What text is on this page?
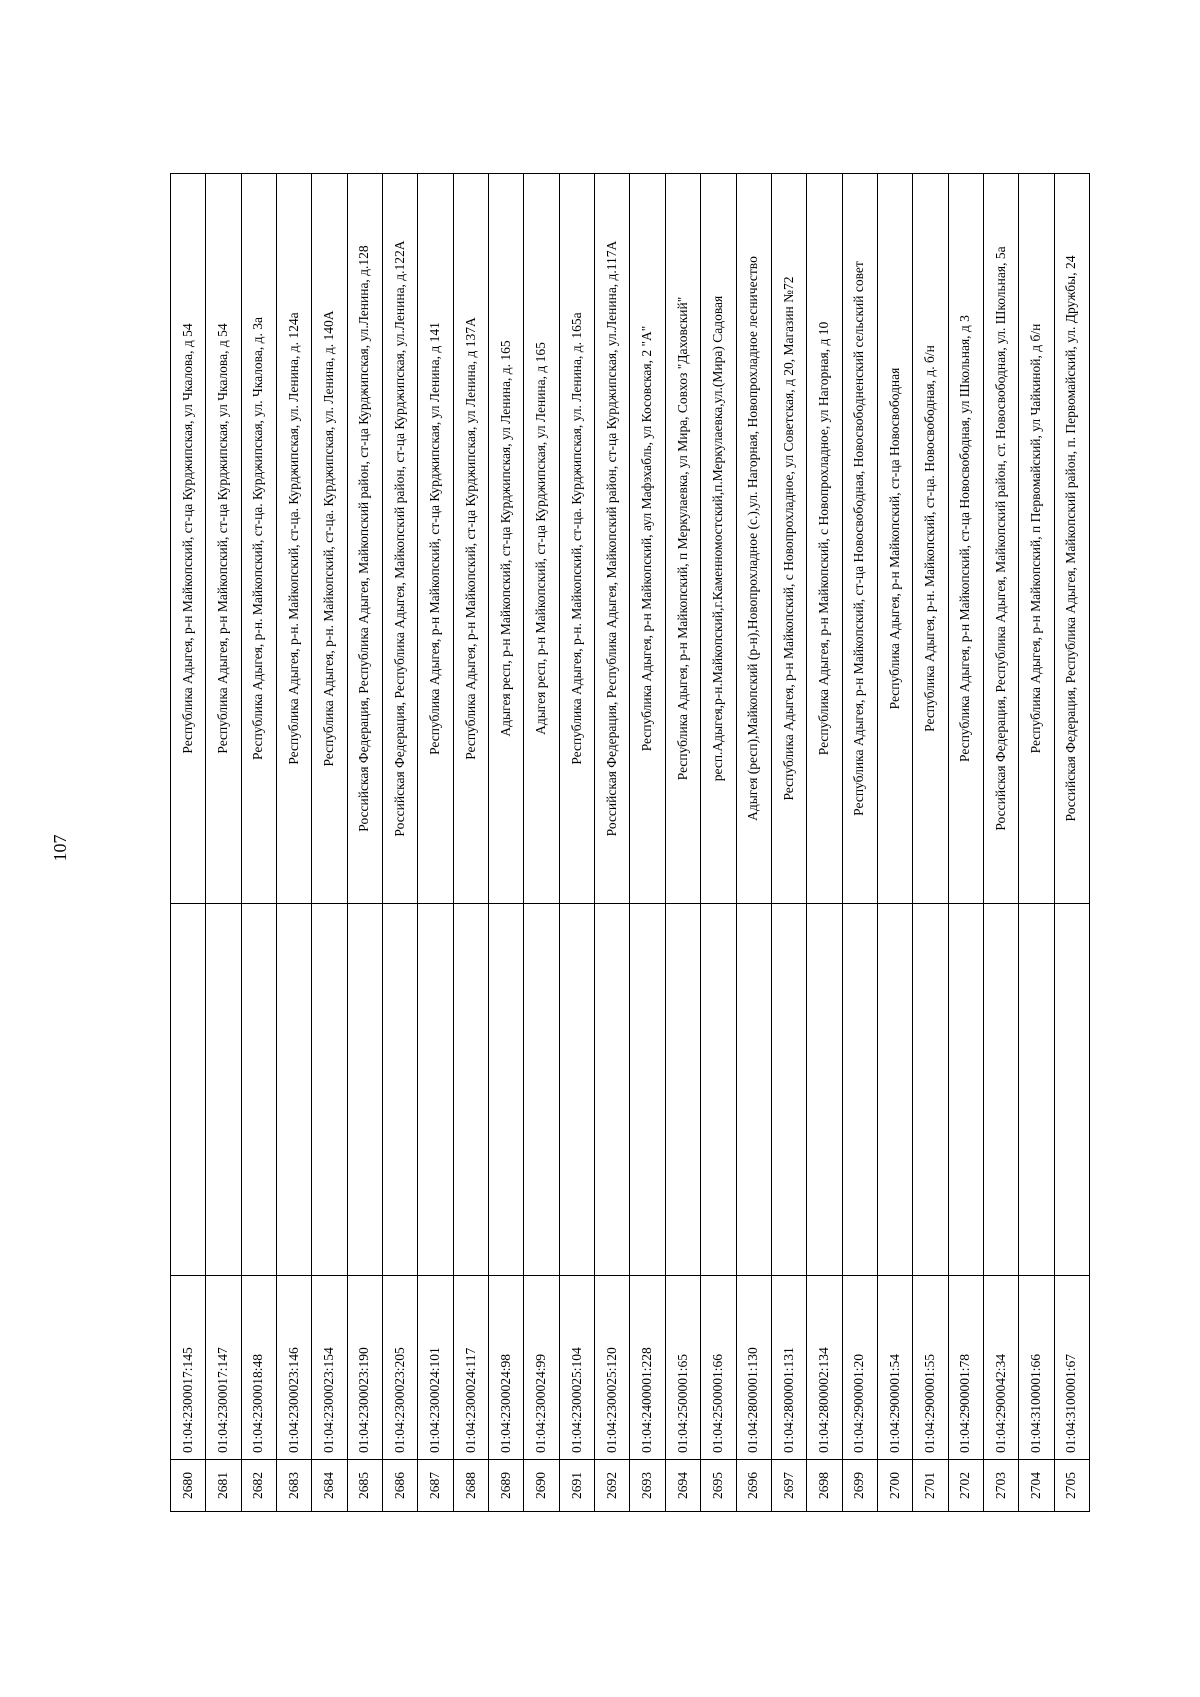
107
2680	01:04:2300017:145		Республика Адыгея, р-н Майкопский, ст-ца Курджипская, ул Чкалова, д 54
2681	01:04:2300017:147		Республика Адыгея, р-н Майкопский, ст-ца Курджипская, ул Чкалова, д 54
2682	01:04:2300018:48		Республика Адыгея, р-н. Майкопский, ст-ца. Курджипская, ул. Чкалова, д. 3а
2683	01:04:2300023:146		Республика Адыгея, р-н. Майкопский, ст-ца. Курджипская, ул. Ленина, д. 124а
2684	01:04:2300023:154		Республика Адыгея, р-н. Майкопский, ст-ца. Курджипская, ул. Ленина, д. 140А
2685	01:04:2300023:190		Российская Федерация, Республика Адыгея, Майкопский район, ст-ца Курджипская, ул.Ленина, д.128
2686	01:04:2300023:205		Российская Федерация, Республика Адыгея, Майкопский район, ст-ца Курджипская, ул.Ленина, д.122А
2687	01:04:2300024:101		Республика Адыгея, р-н Майкопский, ст-ца Курджипская, ул Ленина, д 141
2688	01:04:2300024:117		Республика Адыгея, р-н Майкопский, ст-ца Курджипская, ул Ленина, д 137А
2689	01:04:2300024:98		Адыгея респ, р-н Майкопский, ст-ца Курджипская, ул Ленина, д. 165
2690	01:04:2300024:99		Адыгея респ, р-н Майкопский, ст-ца Курджипская, ул Ленина, д 165
2691	01:04:2300025:104		Республика Адыгея, р-н. Майкопский, ст-ца. Курджипская, ул. Ленина, д. 165а
2692	01:04:2300025:120		Российская Федерация, Республика Адыгея, Майкопский район, ст-ца Курджипская, ул.Ленина, д.117А
2693	01:04:2400001:228		Республика Адыгея, р-н Майкопский, аул Мафэхабль, ул Косовская, 2 "А"
2694	01:04:2500001:65		Республика Адыгея, р-н Майкопский, п Меркулаевка, ул Мира, Совхоз "Даховский"
2695	01:04:2500001:66		респ.Адыгея,р-н.Майкопский,г.Каменномостский,п.Меркулаевка,ул.(Мира) Садовая
2696	01:04:2800001:130		Адыгея (респ),Майкопский (р-н),Новопрохладное (с.),ул. Нагорная, Новопрохладное лесничество
2697	01:04:2800001:131		Республика Адыгея, р-н Майкопский, с Новопрохладное, ул Советская, д 20, Магазин №72
2698	01:04:2800002:134		Республика Адыгея, р-н Майкопский, с Новопрохладное, ул Нагорная, д 10
2699	01:04:2900001:20		Республика Адыгея, р-н Майкопский, ст-ца Новосвободная, Новосвободненский сельский совет
2700	01:04:2900001:54		Республика Адыгея, р-н Майкопский, ст-ца Новосвободная
2701	01:04:2900001:55		Республика Адыгея, р-н. Майкопский, ст-ца. Новосвободная, д. б/н
2702	01:04:2900001:78		Республика Адыгея, р-н Майкопский, ст-ца Новосвободная, ул Школьная, д 3
2703	01:04:2900042:34		Российская Федерация, Республика Адыгея, Майкопский район, ст. Новосвободная, ул. Школьная, 5а
2704	01:04:3100001:66		Республика Адыгея, р-н Майкопский, п Первомайский, ул Чайкиной, д б/н
2705	01:04:3100001:67		Российская Федерация, Республика Адыгея, Майкопский район, п. Первомайский, ул. Дружбы, 24
